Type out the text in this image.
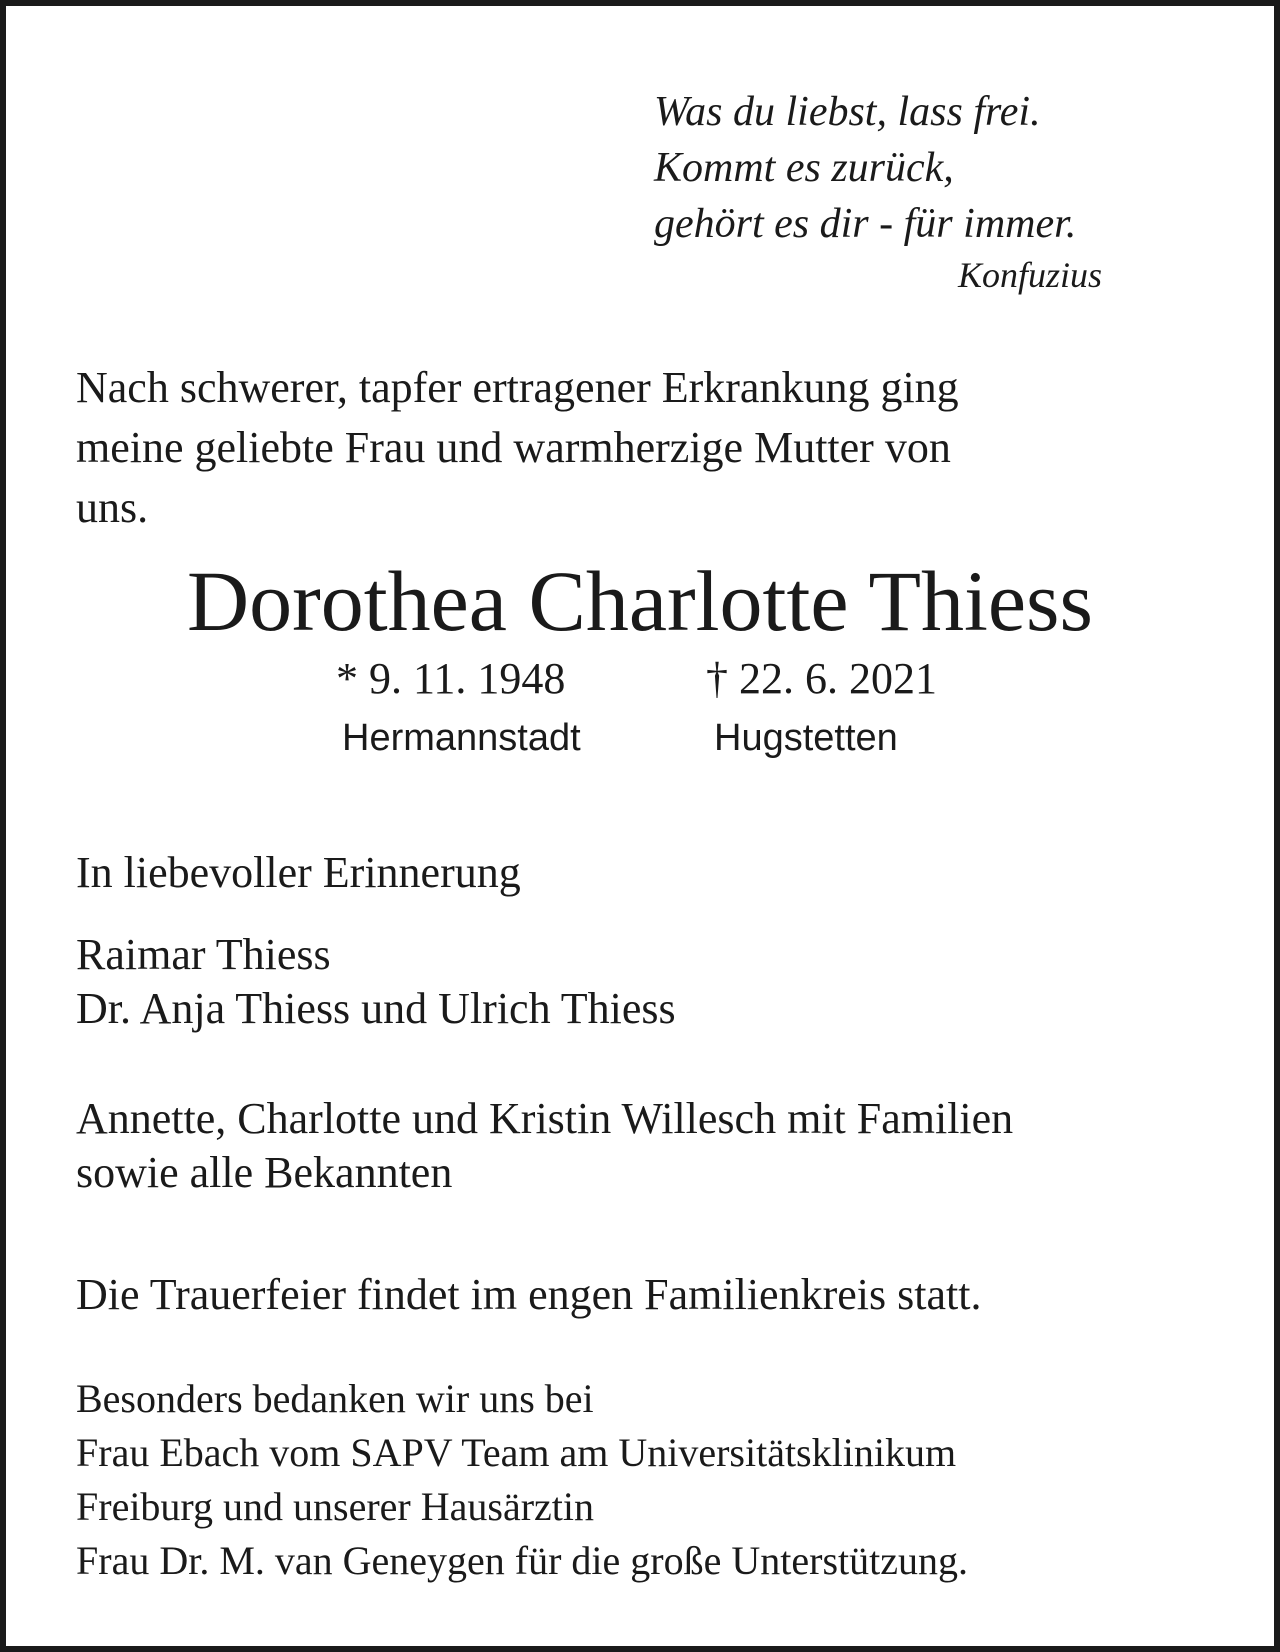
Was du liebst, lass frei.
Kommt es zurück,
gehört es dir - für immer.
Konfuzius
Nach schwerer, tapfer ertragener Erkrankung ging
meine geliebte Frau und warmherzige Mutter von
uns.
Dorothea Charlotte Thiess
* 9. 11. 1948	† 22. 6. 2021
Hermannstadt	Hugstetten
In liebevoller Erinnerung
Raimar Thiess
Dr. Anja Thiess und Ulrich Thiess
Annette, Charlotte und Kristin Willesch mit Familien
sowie alle Bekannten
Die Trauerfeier findet im engen Familienkreis statt.
Besonders bedanken wir uns bei
Frau Ebach vom SAPV Team am Universitätsklinikum
Freiburg und unserer Hausärztin
Frau Dr. M. van Geneygen für die große Unterstützung.
